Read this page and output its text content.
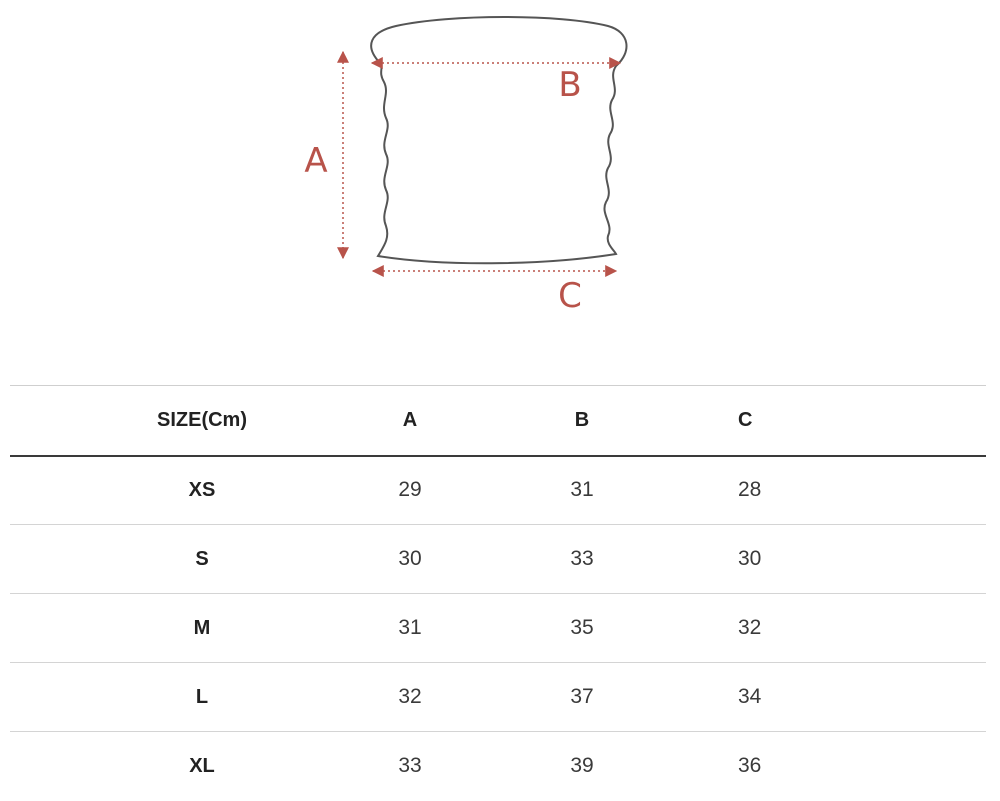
A
B
C
SIZE(Cm)	A	B	C	
XS	29	31	28	
S	30	33	30	
M	31	35	32	
L	32	37	34	
XL	33	39	36	
